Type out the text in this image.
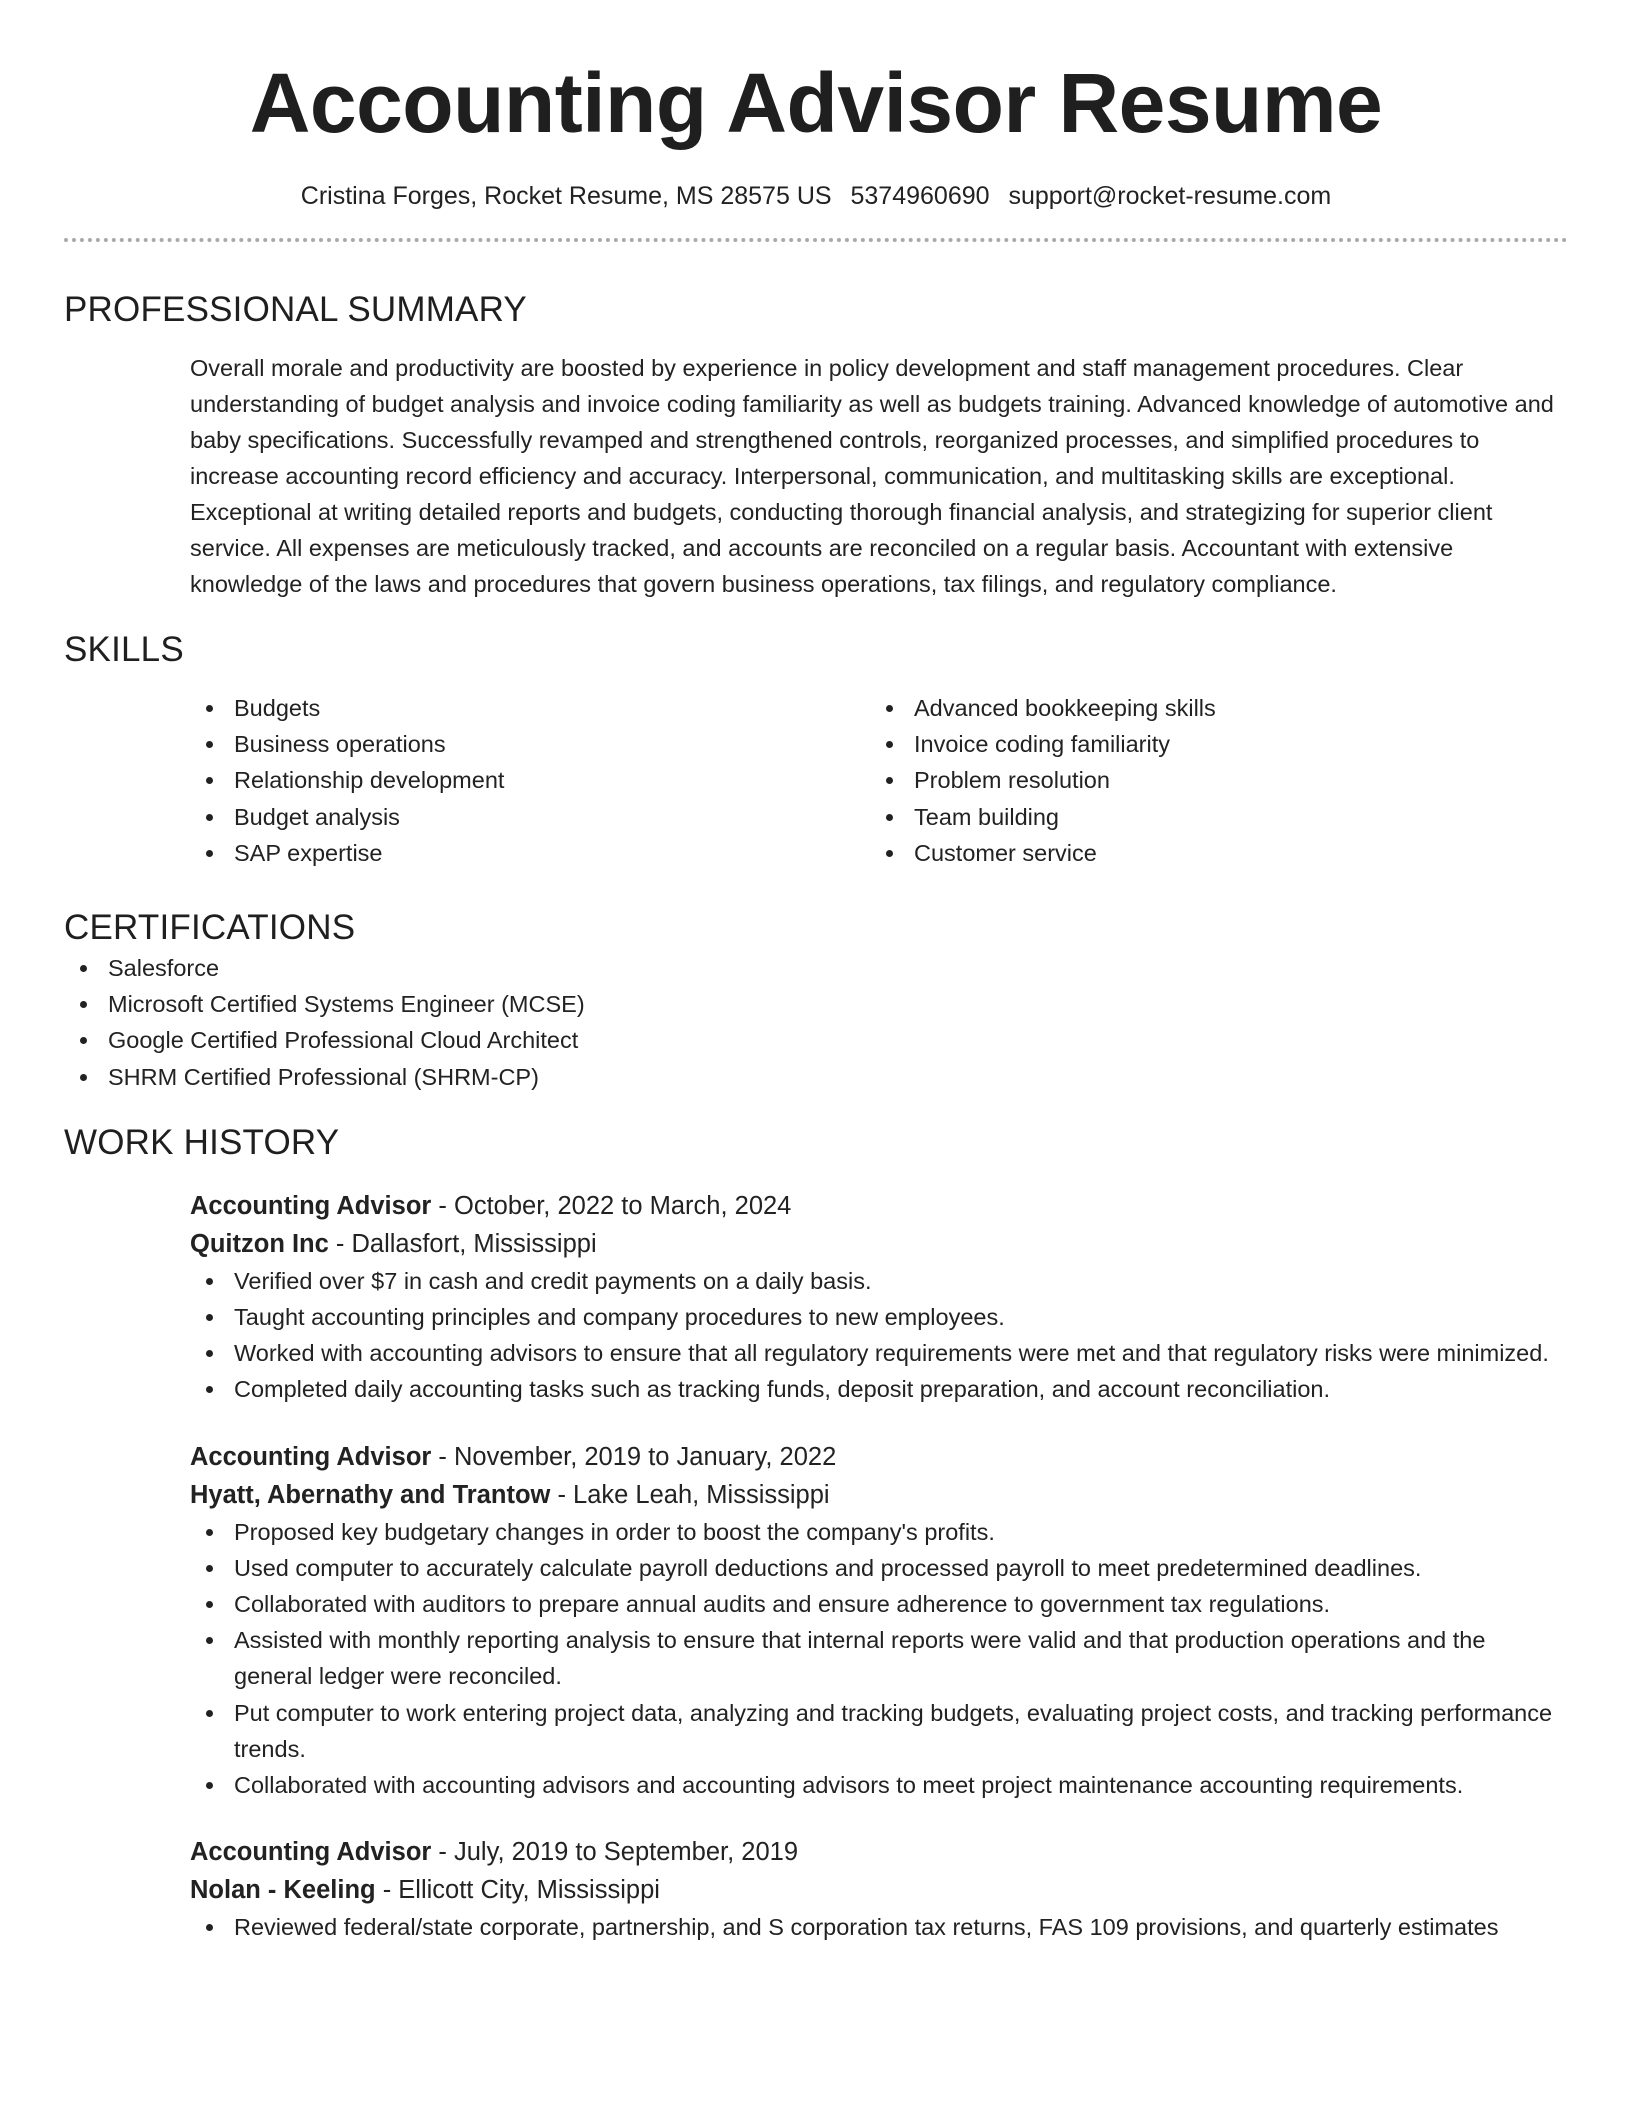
Accounting Advisor Resume
Cristina Forges, Rocket Resume, MS 28575 US 5374960690 support@rocket-resume.com
PROFESSIONAL SUMMARY
Overall morale and productivity are boosted by experience in policy development and staff management procedures. Clear understanding of budget analysis and invoice coding familiarity as well as budgets training. Advanced knowledge of automotive and baby specifications. Successfully revamped and strengthened controls, reorganized processes, and simplified procedures to increase accounting record efficiency and accuracy. Interpersonal, communication, and multitasking skills are exceptional. Exceptional at writing detailed reports and budgets, conducting thorough financial analysis, and strategizing for superior client service. All expenses are meticulously tracked, and accounts are reconciled on a regular basis. Accountant with extensive knowledge of the laws and procedures that govern business operations, tax filings, and regulatory compliance.
SKILLS
Budgets
Business operations
Relationship development
Budget analysis
SAP expertise
Advanced bookkeeping skills
Invoice coding familiarity
Problem resolution
Team building
Customer service
CERTIFICATIONS
Salesforce
Microsoft Certified Systems Engineer (MCSE)
Google Certified Professional Cloud Architect
SHRM Certified Professional (SHRM-CP)
WORK HISTORY
Accounting Advisor - October, 2022 to March, 2024
Quitzon Inc - Dallasfort, Mississippi
Verified over $7 in cash and credit payments on a daily basis.
Taught accounting principles and company procedures to new employees.
Worked with accounting advisors to ensure that all regulatory requirements were met and that regulatory risks were minimized.
Completed daily accounting tasks such as tracking funds, deposit preparation, and account reconciliation.
Accounting Advisor - November, 2019 to January, 2022
Hyatt, Abernathy and Trantow - Lake Leah, Mississippi
Proposed key budgetary changes in order to boost the company's profits.
Used computer to accurately calculate payroll deductions and processed payroll to meet predetermined deadlines.
Collaborated with auditors to prepare annual audits and ensure adherence to government tax regulations.
Assisted with monthly reporting analysis to ensure that internal reports were valid and that production operations and the general ledger were reconciled.
Put computer to work entering project data, analyzing and tracking budgets, evaluating project costs, and tracking performance trends.
Collaborated with accounting advisors and accounting advisors to meet project maintenance accounting requirements.
Accounting Advisor - July, 2019 to September, 2019
Nolan - Keeling - Ellicott City, Mississippi
Reviewed federal/state corporate, partnership, and S corporation tax returns, FAS 109 provisions, and quarterly estimates
